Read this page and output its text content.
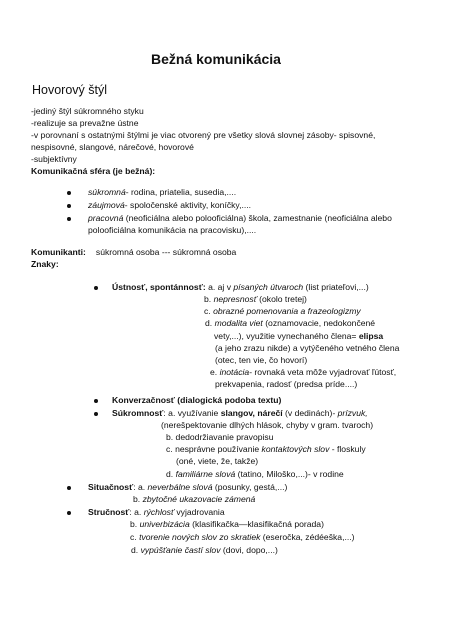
Bežná komunikácia
Hovorový štýl
-jediný štýl súkromného styku
-realizuje sa prevažne ústne
-v porovnaní s ostatnými štýlmi je viac otvorený pre všetky slová slovnej zásoby- spisovné,
nespisovné, slangové, nárečové, hovorové
-subjektívny
Komunikačná sféra (je bežná):
súkromná- rodina, priatelia, susedia,....
záujmová- spoločenské aktivity, koníčky,....
pracovná (neoficiálna alebo polooficiálna) škola, zamestnanie (neoficiálna alebo
polooficiálna komunikácia na pracovisku),....
Komunikanti: súkromná osoba --- súkromná osoba
Znaky:
Ústnosť, spontánnosť: a. aj v písaných útvaroch (list priateľovi,...)
b. nepresnosť (okolo tretej)
c. obrazné pomenovania a frazeologizmy
d. modalita viet (oznamovacie, nedokončené
vety,...), využitie vynechaného člena= elipsa
(a jeho zrazu nikde) a vytýčeného vetného člena
(otec, ten vie, čo hovorí)
e. inotácia- rovnaká veta môže vyjadrovať ľútosť,
prekvapenia, radosť (predsa príde....)
Konverzačnosť (dialogická podoba textu)
Súkromnosť: a. využívanie slangov, nárečí (v dedinách)- prízvuk,
(nerešpektovanie dlhých hlások, chyby v gram. tvaroch)
b. dedodržiavanie pravopisu
c. nesprávne používanie kontaktových slov - floskuly
(oné, viete, že, takže)
d. familiárne slová (tatino, Miloško,...)- v rodine
Situačnosť: a. neverbálne slová (posunky, gestá,...)
b. zbytočné ukazovacie zámená
Stručnosť: a. rýchlosť vyjadrovania
b. univerbizácia (klasifikačka—klasifikačná porada)
c. tvorenie nových slov zo skratiek (eseročka, zédéeška,...)
d. vypúšťanie častí slov (dovi, dopo,...)
